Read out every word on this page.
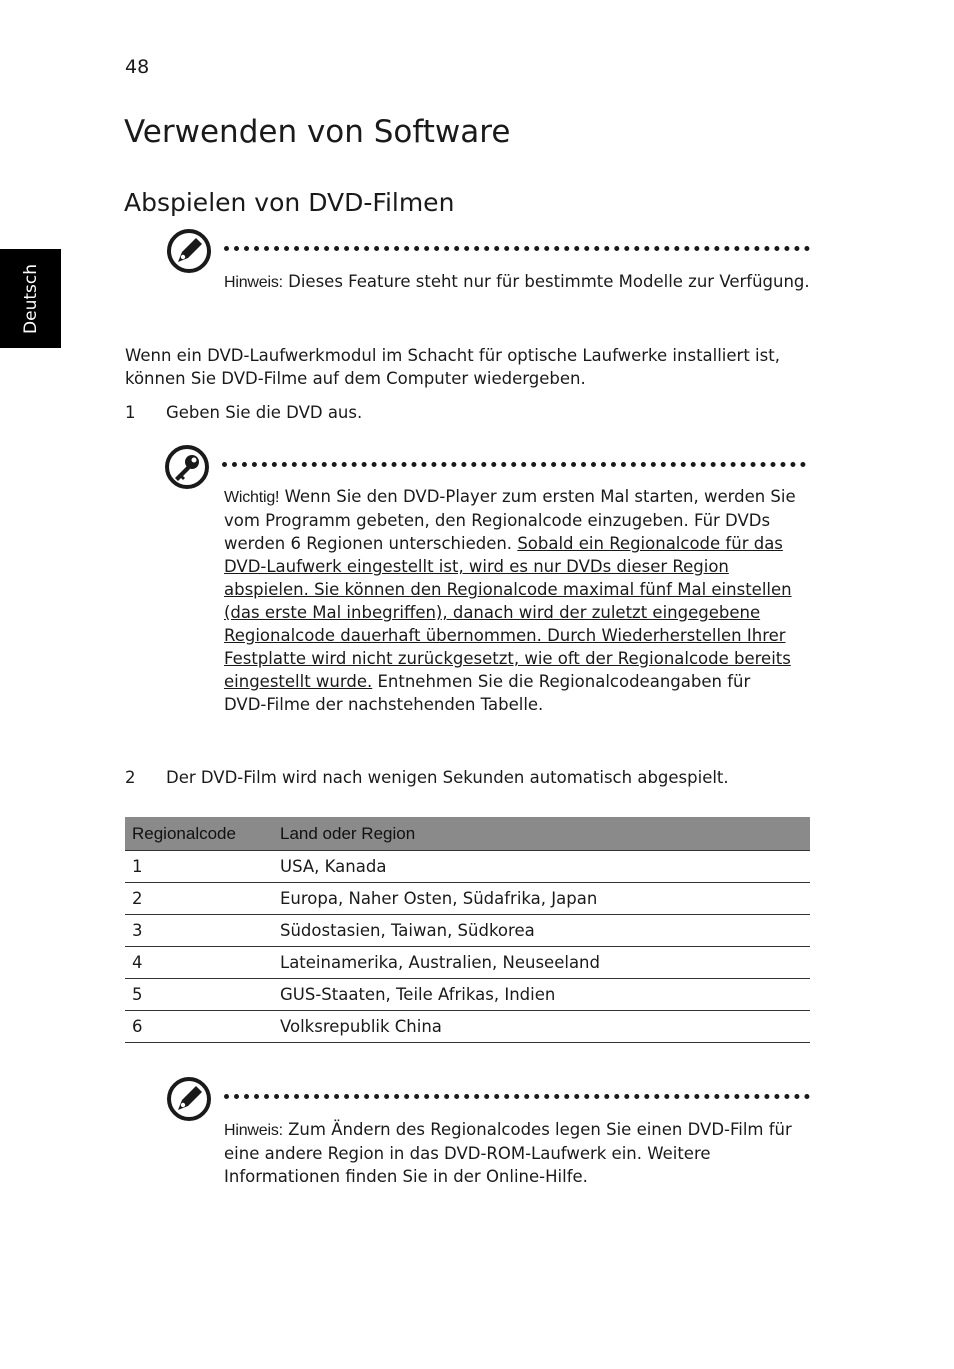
48
Deutsch
Verwenden von Software
Abspielen von DVD-Filmen
Hinweis: Dieses Feature steht nur für bestimmte Modelle zur Verfügung.
Wenn ein DVD-Laufwerkmodul im Schacht für optische Laufwerke installiert ist, können Sie DVD-Filme auf dem Computer wiedergeben.
1 Geben Sie die DVD aus.
Wichtig! Wenn Sie den DVD-Player zum ersten Mal starten, werden Sie vom Programm gebeten, den Regionalcode einzugeben. Für DVDs werden 6 Regionen unterschieden. Sobald ein Regionalcode für das DVD-Laufwerk eingestellt ist, wird es nur DVDs dieser Region abspielen. Sie können den Regionalcode maximal fünf Mal einstellen (das erste Mal inbegriffen), danach wird der zuletzt eingegebene Regionalcode dauerhaft übernommen. Durch Wiederherstellen Ihrer Festplatte wird nicht zurückgesetzt, wie oft der Regionalcode bereits eingestellt wurde. Entnehmen Sie die Regionalcodeangaben für DVD-Filme der nachstehenden Tabelle.
2 Der DVD-Film wird nach wenigen Sekunden automatisch abgespielt.
Regionalcode	Land oder Region
1	USA, Kanada
2	Europa, Naher Osten, Südafrika, Japan
3	Südostasien, Taiwan, Südkorea
4	Lateinamerika, Australien, Neuseeland
5	GUS-Staaten, Teile Afrikas, Indien
6	Volksrepublik China
Hinweis: Zum Ändern des Regionalcodes legen Sie einen DVD-Film für eine andere Region in das DVD-ROM-Laufwerk ein. Weitere Informationen finden Sie in der Online-Hilfe.
